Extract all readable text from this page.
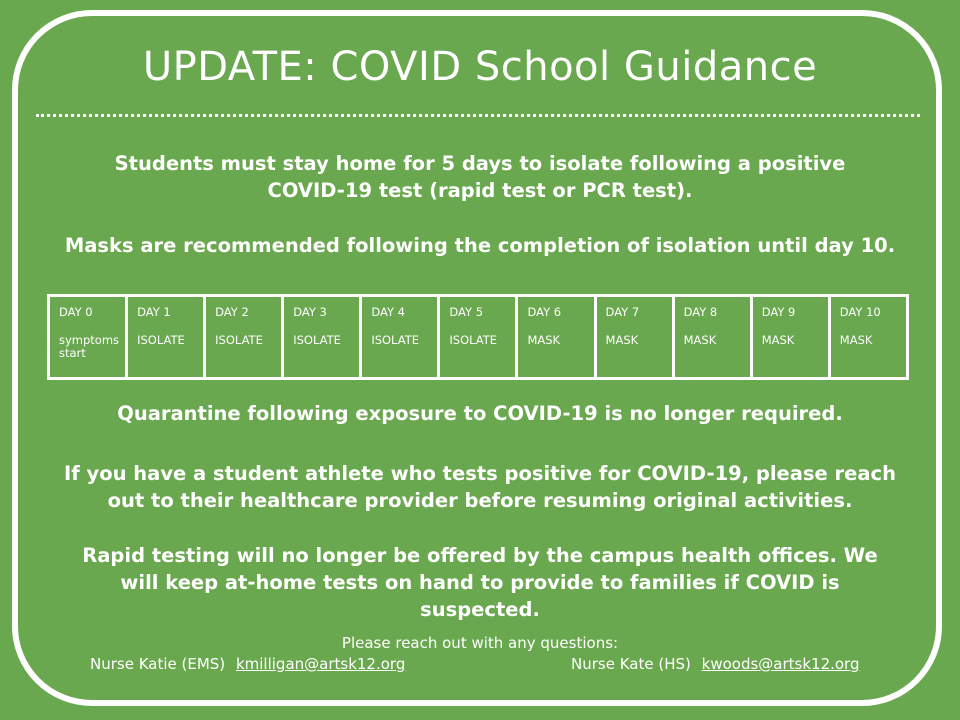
UPDATE: COVID School Guidance
Students must stay home for 5 days to isolate following a positive
COVID-19 test (rapid test or PCR test).
Masks are recommended following the completion of isolation until day 10.
DAY 0
symptoms start

DAY 1
ISOLATE

DAY 2
ISOLATE

DAY 3
ISOLATE

DAY 4
ISOLATE

DAY 5
ISOLATE

DAY 6
MASK

DAY 7
MASK

DAY 8
MASK

DAY 9
MASK

DAY 10
MASK
Quarantine following exposure to COVID-19 is no longer required.
If you have a student athlete who tests positive for COVID-19, please reach
out to their healthcare provider before resuming original activities.
Rapid testing will no longer be offered by the campus health offices. We
will keep at-home tests on hand to provide to families if COVID is
suspected.
Please reach out with any questions:
Nurse Katie (EMS) kmilligan@artsk12.org	Nurse Kate (HS) kwoods@artsk12.org
